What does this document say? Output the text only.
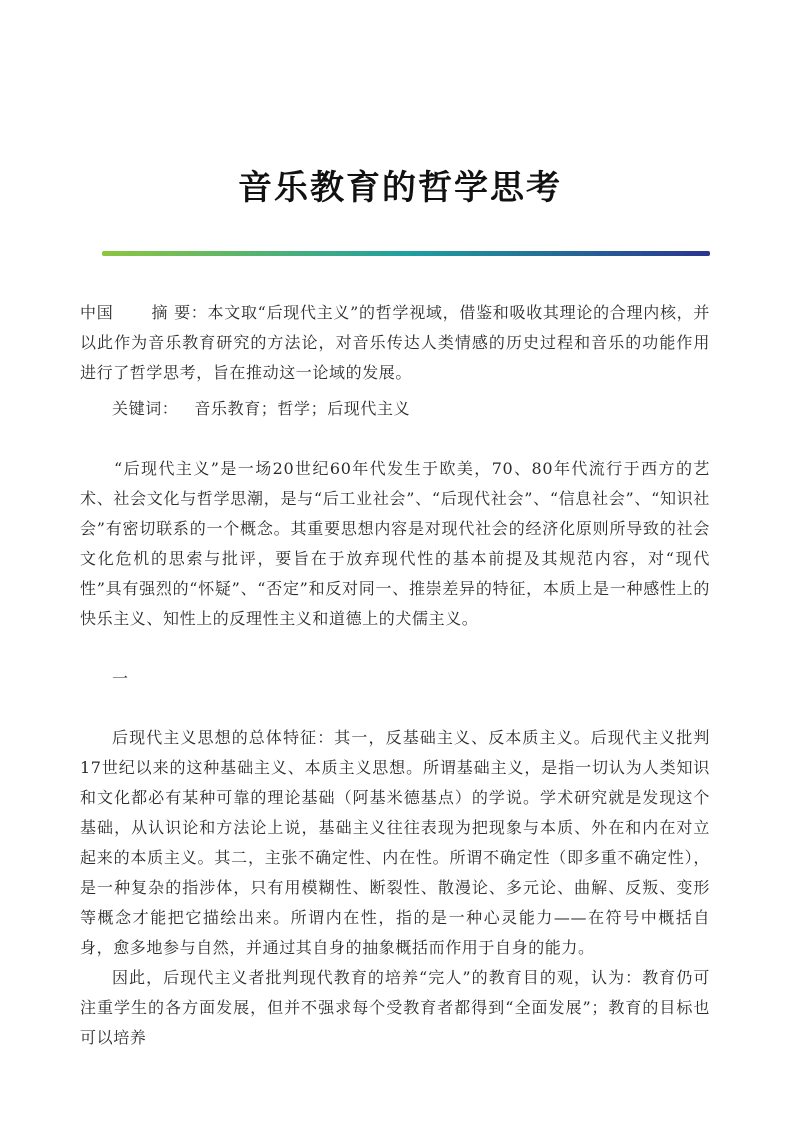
音乐教育的哲学思考
中国 摘 要：本文取“后现代主义”的哲学视域，借鉴和吸收其理论的合理内核，并以此作为音乐教育研究的方法论，对音乐传达人类情感的历史过程和音乐的功能作用进行了哲学思考，旨在推动这一论域的发展。
关键词： 音乐教育；哲学；后现代主义
“后现代主义”是一场20世纪60年代发生于欧美，70、80年代流行于西方的艺术、社会文化与哲学思潮，是与“后工业社会”、“后现代社会”、“信息社会”、“知识社会”有密切联系的一个概念。其重要思想内容是对现代社会的经济化原则所导致的社会文化危机的思索与批评，要旨在于放弃现代性的基本前提及其规范内容，对“现代性”具有强烈的“怀疑”、“否定”和反对同一、推崇差异的特征，本质上是一种感性上的快乐主义、知性上的反理性主义和道德上的犬儒主义。
一
后现代主义思想的总体特征：其一，反基础主义、反本质主义。后现代主义批判17世纪以来的这种基础主义、本质主义思想。所谓基础主义，是指一切认为人类知识和文化都必有某种可靠的理论基础（阿基米德基点）的学说。学术研究就是发现这个基础，从认识论和方法论上说，基础主义往往表现为把现象与本质、外在和内在对立起来的本质主义。其二，主张不确定性、内在性。所谓不确定性（即多重不确定性），是一种复杂的指涉体，只有用模糊性、断裂性、散漫论、多元论、曲解、反叛、变形等概念才能把它描绘出来。所谓内在性，指的是一种心灵能力——在符号中概括自身，愈多地参与自然，并通过其自身的抽象概括而作用于自身的能力。
因此，后现代主义者批判现代教育的培养“完人”的教育目的观，认为：教育仍可注重学生的各方面发展，但并不强求每个受教育者都得到“全面发展”；教育的目标也可以培养
